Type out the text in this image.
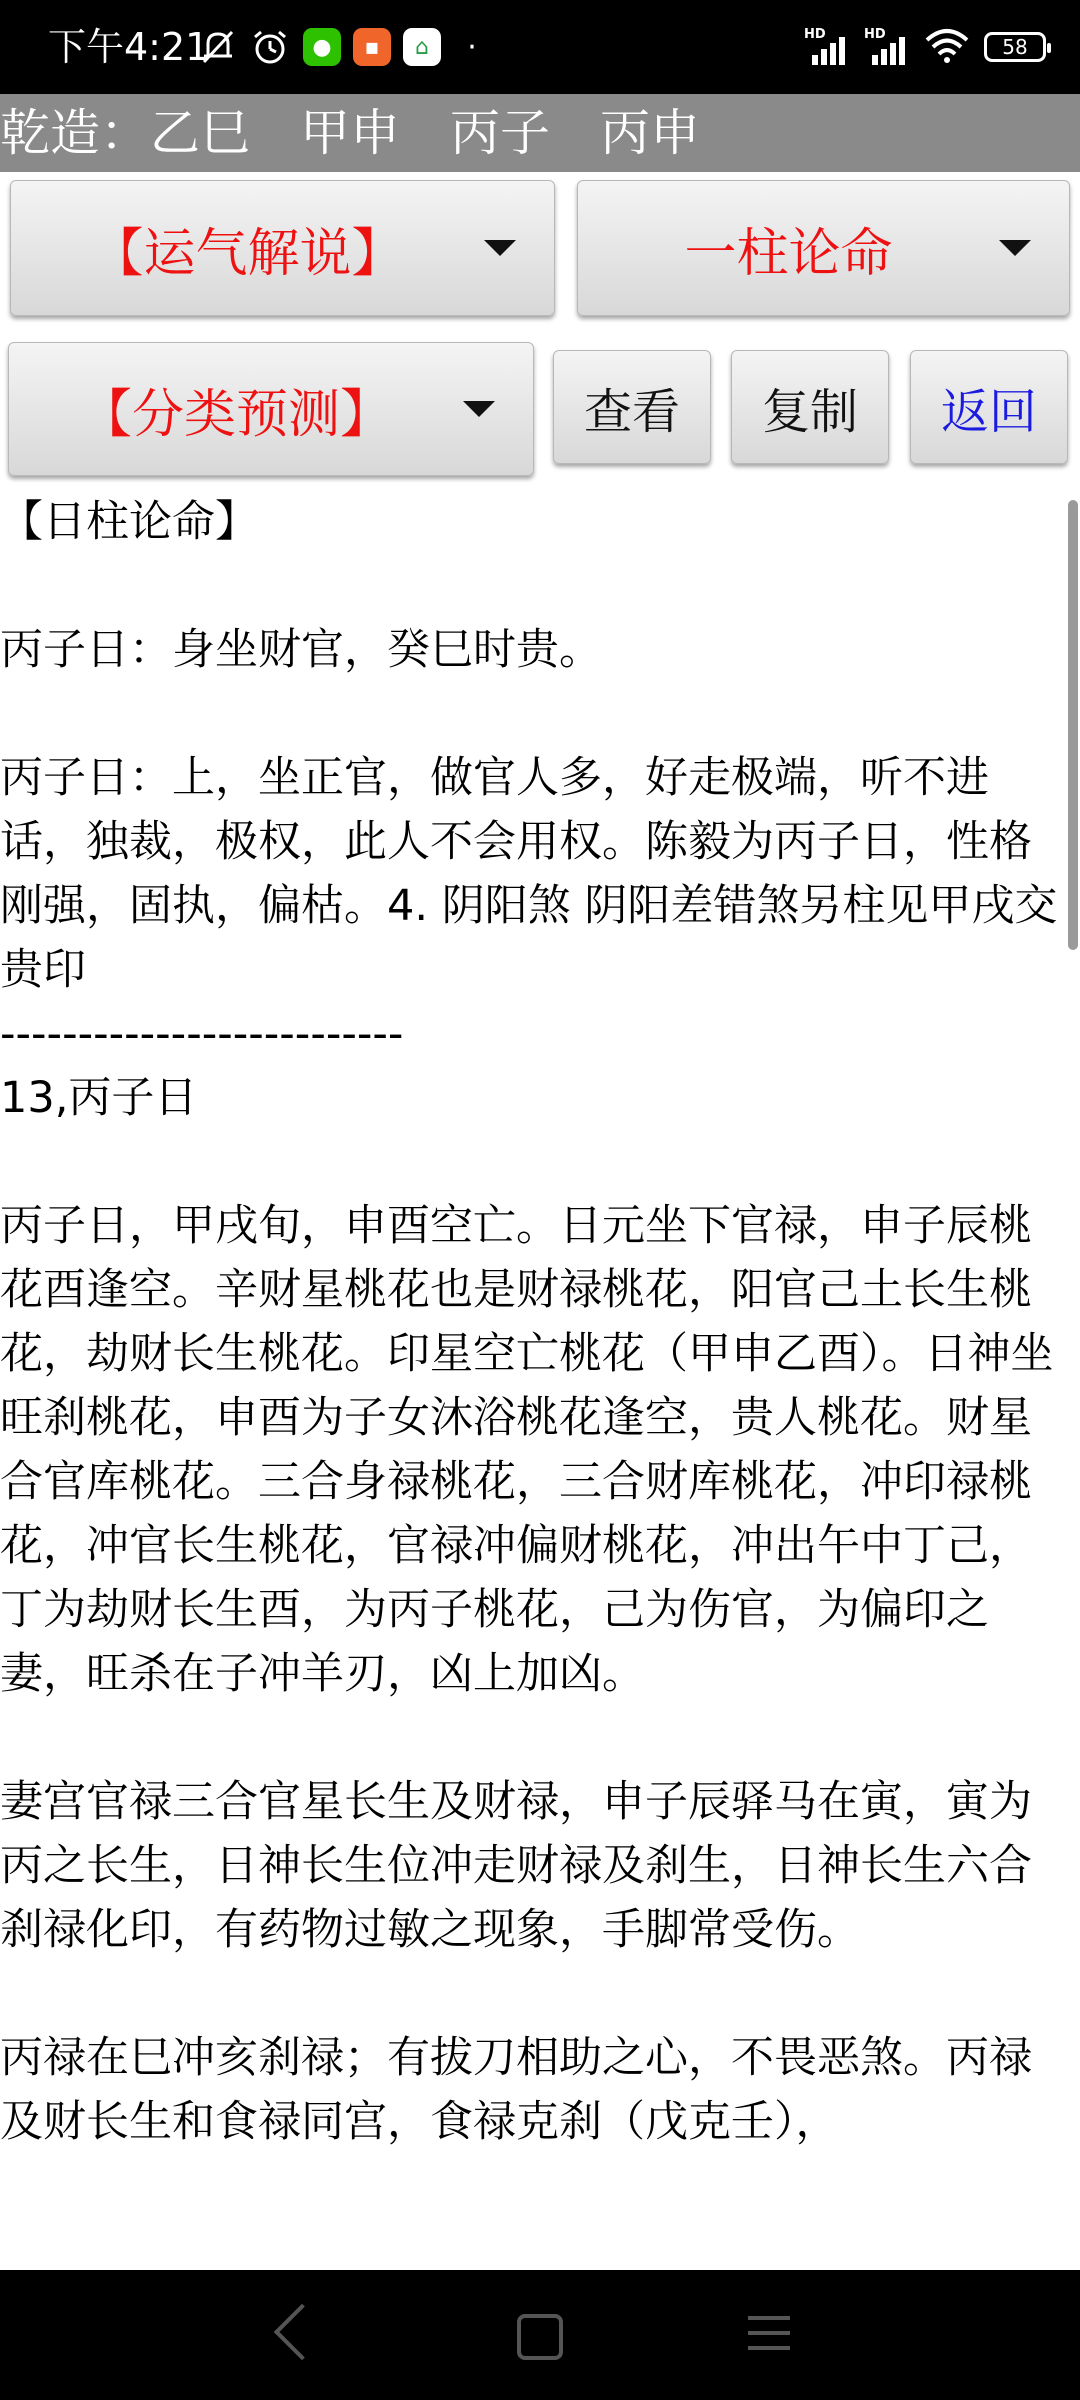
下午4:21	●	▪	⌂	·	HD	HD
58
乾造：乙巳　甲申　丙子　丙申
【运气解说】	一柱论命
【分类预测】	查看	复制	返回

【日柱论命】

丙子日：身坐财官，癸巳时贵。

丙子日：上，坐正官，做官人多，好走极端，听不进话，独裁，极权，此人不会用权。陈毅为丙子日，性格刚强，固执，偏枯。4. 阴阳煞 阴阳差错煞另柱见甲戌交贵印

--------------------------

13,丙子日

丙子日，甲戌旬，申酉空亡。日元坐下官禄，申子辰桃花酉逢空。辛财星桃花也是财禄桃花，阳官己土长生桃花，劫财长生桃花。印星空亡桃花（甲申乙酉）。日神坐旺刹桃花，申酉为子女沐浴桃花逢空，贵人桃花。财星合官库桃花。三合身禄桃花，三合财库桃花，冲印禄桃花，冲官长生桃花，官禄冲偏财桃花，冲出午中丁己，丁为劫财长生酉，为丙子桃花，己为伤官，为偏印之妻，旺杀在子冲羊刃，凶上加凶。

妻宫官禄三合官星长生及财禄，申子辰驿马在寅，寅为丙之长生，日神长生位冲走财禄及刹生，日神长生六合刹禄化印，有药物过敏之现象，手脚常受伤。

丙禄在巳冲亥刹禄；有拔刀相助之心，不畏恶煞。丙禄及财长生和食禄同宫，食禄克刹（戊克壬），
